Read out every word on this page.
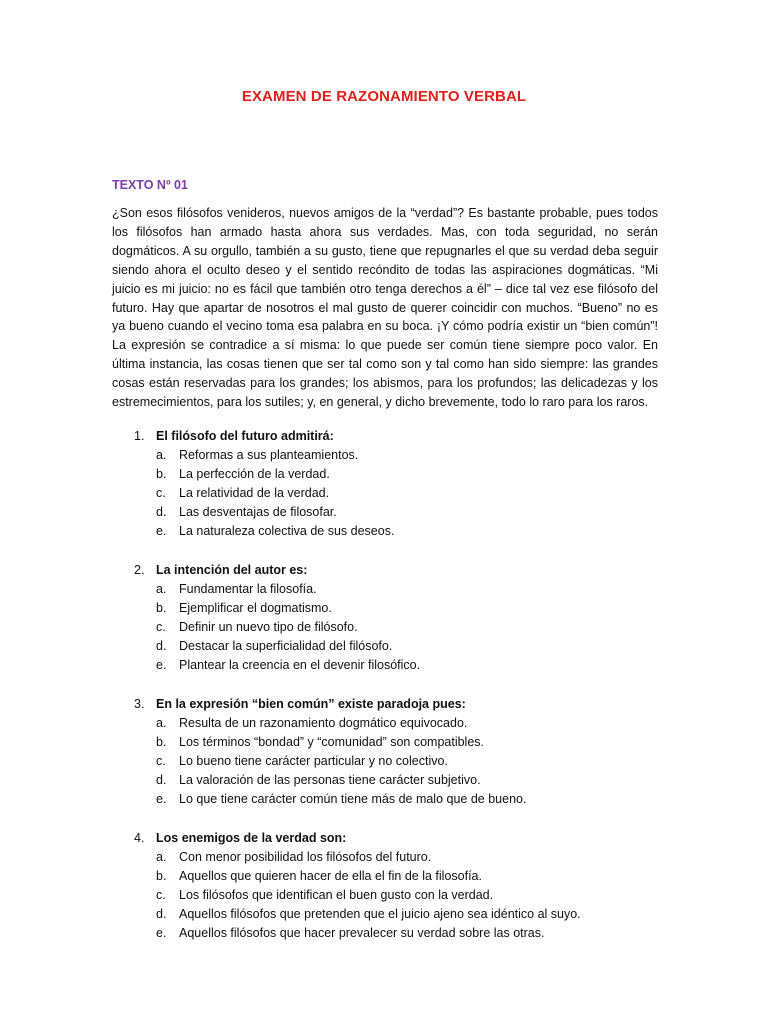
EXAMEN DE RAZONAMIENTO VERBAL
TEXTO Nº 01

¿Son esos filósofos venideros, nuevos amigos de la “verdad”? Es bastante probable, pues todos los filósofos han armado hasta ahora sus verdades. Mas, con toda seguridad, no serán dogmáticos. A su orgullo, también a su gusto, tiene que repugnarles el que su verdad deba seguir siendo ahora el oculto deseo y el sentido recóndito de todas las aspiraciones dogmáticas. “Mi juicio es mi juicio: no es fácil que también otro tenga derechos a él” – dice tal vez ese filósofo del futuro. Hay que apartar de nosotros el mal gusto de querer coincidir con muchos. “Bueno” no es ya bueno cuando el vecino toma esa palabra en su boca. ¡Y cómo podría existir un “bien común”! La expresión se contradice a sí misma: lo que puede ser común tiene siempre poco valor. En última instancia, las cosas tienen que ser tal como son y tal como han sido siempre: las grandes cosas están reservadas para los grandes; los abismos, para los profundos; las delicadezas y los estremecimientos, para los sutiles; y, en general, y dicho brevemente, todo lo raro para los raros.

1. El filósofo del futuro admitirá:
a. Reformas a sus planteamientos.
b. La perfección de la verdad.
c. La relatividad de la verdad.
d. Las desventajas de filosofar.
e. La naturaleza colectiva de sus deseos.
2. La intención del autor es:
a. Fundamentar la filosofía.
b. Ejemplificar el dogmatismo.
c. Definir un nuevo tipo de filósofo.
d. Destacar la superficialidad del filósofo.
e. Plantear la creencia en el devenir filosófico.
3. En la expresión “bien común” existe paradoja pues:
a. Resulta de un razonamiento dogmático equivocado.
b. Los términos “bondad” y “comunidad” son compatibles.
c. Lo bueno tiene carácter particular y no colectivo.
d. La valoración de las personas tiene carácter subjetivo.
e. Lo que tiene carácter común tiene más de malo que de bueno.
4. Los enemigos de la verdad son:
a. Con menor posibilidad los filósofos del futuro.
b. Aquellos que quieren hacer de ella el fin de la filosofía.
c. Los filósofos que identifican el buen gusto con la verdad.
d. Aquellos filósofos que pretenden que el juicio ajeno sea idéntico al suyo.
e. Aquellos filósofos que hacer prevalecer su verdad sobre las otras.
